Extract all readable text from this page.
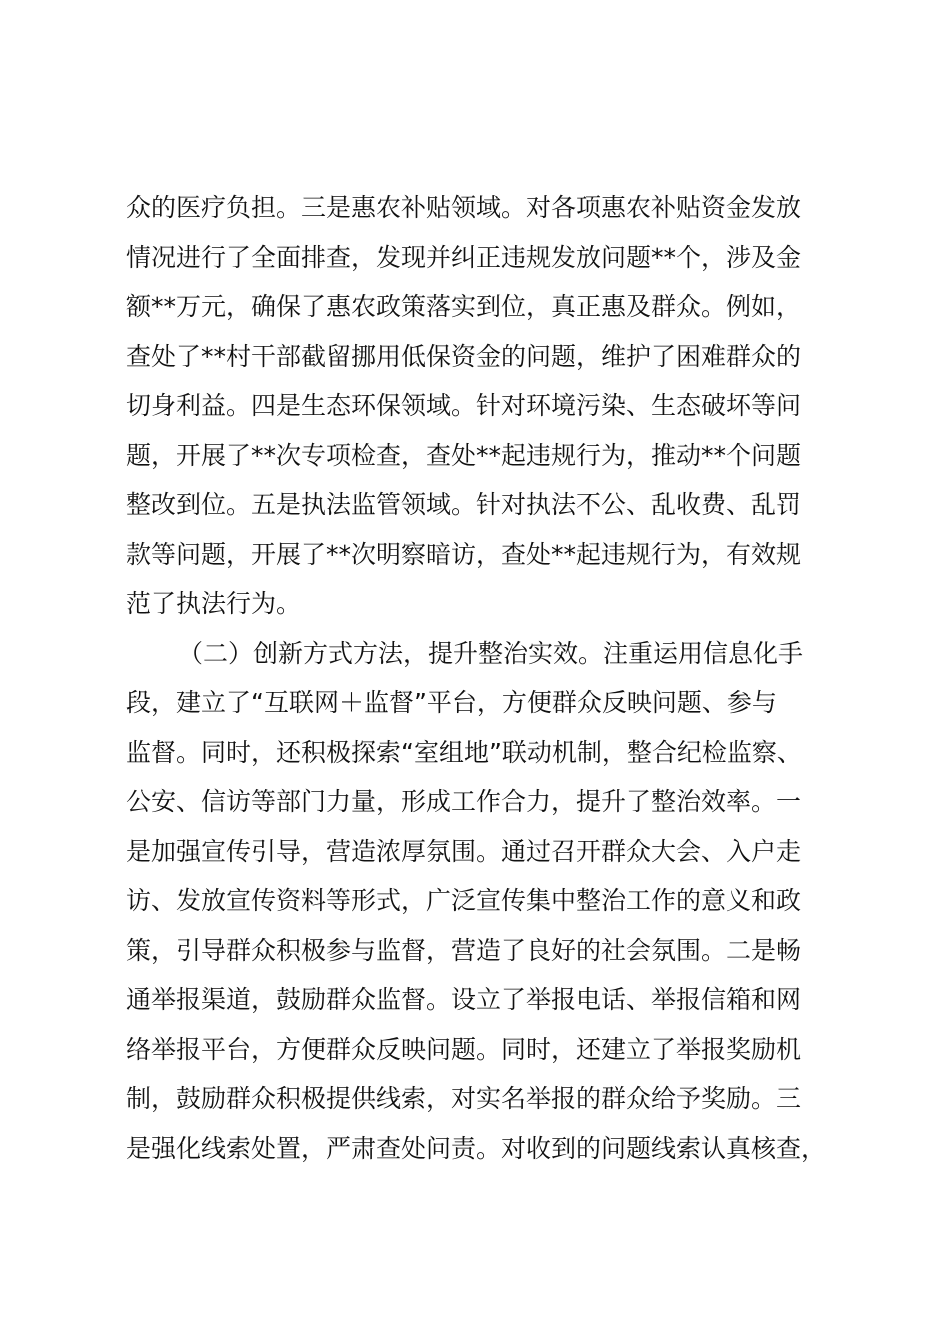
众的医疗负担。三是惠农补贴领域。对各项惠农补贴资金发放
情况进行了全面排查，发现并纠正违规发放问题**个，涉及金
额**万元，确保了惠农政策落实到位，真正惠及群众。例如，
查处了**村干部截留挪用低保资金的问题，维护了困难群众的
切身利益。四是生态环保领域。针对环境污染、生态破坏等问
题，开展了**次专项检查，查处**起违规行为，推动**个问题
整改到位。五是执法监管领域。针对执法不公、乱收费、乱罚
款等问题，开展了**次明察暗访，查处**起违规行为，有效规
范了执法行为。
（二）创新方式方法，提升整治实效。注重运用信息化手
段，建立了“互联网＋监督”平台，方便群众反映问题、参与
监督。同时，还积极探索“室组地”联动机制，整合纪检监察、
公安、信访等部门力量，形成工作合力，提升了整治效率。一
是加强宣传引导，营造浓厚氛围。通过召开群众大会、入户走
访、发放宣传资料等形式，广泛宣传集中整治工作的意义和政
策，引导群众积极参与监督，营造了良好的社会氛围。二是畅
通举报渠道，鼓励群众监督。设立了举报电话、举报信箱和网
络举报平台，方便群众反映问题。同时，还建立了举报奖励机
制，鼓励群众积极提供线索，对实名举报的群众给予奖励。三
是强化线索处置，严肃查处问责。对收到的问题线索认真核查，
